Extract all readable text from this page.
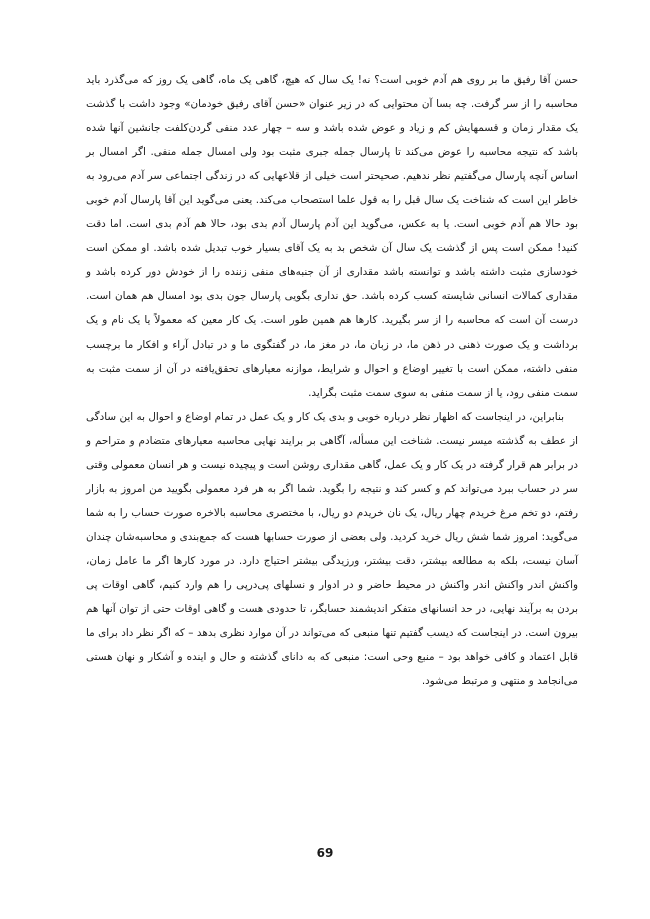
حسن آقا رفیق ما بر روی هم آدم خوبی است؟ نه! یک سال که هیچ، گاهی یک ماه، گاهی یک روز که می‌گذرد باید محاسبه را از سر گرفت. چه بسا آن محتوایی که در زیر عنوان «حسن آقای رفیق خودمان» وجود داشت با گذشت یک مقدار زمان و قسمهایش کم و زیاد و عوض شده باشد و سه – چهار عدد منفی گردن‌کلفت جانشین آنها شده باشد که نتیجه محاسبه را عوض می‌کند تا پارسال جمله جبری مثبت بود ولی امسال جمله منفی. اگر امسال بر اساس آنچه پارسال می‌گفتیم نظر ندهیم. صحیحتر است خیلی از قلاعهایی که در زندگی اجتماعی سر آدم می‌رود به خاطر این است که شناخت یک سال قبل را به قول علما استصحاب می‌کند. یعنی می‌گوید این آقا پارسال آدم خوبی بود حالا هم آدم خوبی است. یا به عکس، می‌گوید این آدم پارسال آدم بدی بود، حالا هم آدم بدی است. اما دقت کنید! ممکن است پس از گذشت یک سال آن شخص بد به یک آقای بسیار خوب تبدیل شده باشد. او ممکن است خودسازی مثبت داشته باشد و توانسته باشد مقداری از آن جنبه‌های منفی زننده را از خودش دور کرده باشد و مقداری کمالات انسانی شایسته کسب کرده باشد. حق نداری بگویی پارسال جون بدی بود امسال هم همان است. درست آن است که محاسبه را از سر بگیرید. کارها هم همین طور است. یک کار معین که معمولاً یا یک نام و یک برداشت و یک صورت ذهنی در ذهن ما، در زبان ما، در مغز ما، در گفتگوی ما و در تبادل آراء و افکار ما برچسب منفی داشته، ممکن است با تغییر اوضاع و احوال و شرایط، موازنه معیارهای تحقق‌یافته در آن از سمت مثبت به سمت منفی رود، یا از سمت منفی به سوی سمت مثبت بگراید.

بنابراین، در اینجاست که اظهار نظر درباره خوبی و بدی یک کار و یک عمل در تمام اوضاع و احوال به این سادگی از عطف به گذشته میسر نیست. شناخت این مسأله، آگاهی بر برایند نهایی محاسبه معیارهای متضادم و متراحم و در برابر هم قرار گرفته در یک کار و یک عمل، گاهی مقداری روشن است و پیچیده نیست و هر انسان معمولی وقتی سر در حساب ببرد می‌تواند کم و کسر کند و نتیجه را بگوید. شما اگر به هر فرد معمولی بگویید من امروز به بازار رفتم، دو تخم مرغ خریدم چهار ریال، یک نان خریدم دو ریال، با مختصری محاسبه بالاخره صورت حساب را به شما می‌گوید: امروز شما شش ریال خرید کردید. ولی بعضی از صورت حسابها هست که جمع‌بندی و محاسبه‌شان چندان آسان نیست، بلکه به مطالعه بیشتر، دقت بیشتر، ورزیدگی بیشتر احتیاج دارد. در مورد کارها اگر ما عامل زمان، واکنش اندر واکنش اندر واکنش در محیط حاضر و در ادوار و نسلهای پی‌درپی را هم وارد کنیم، گاهی اوقات پی بردن به برآیند نهایی، در حد انسانهای متفکر اندیشمند حسابگر، تا حدودی هست و گاهی اوقات حتی از توان آنها هم بیرون است. در اینجاست که دیسب گفتیم تنها منبعی که می‌تواند در آن موارد نظری بدهد – که اگر نظر داد برای ما قابل اعتماد و کافی خواهد بود – منبع وحی است: منبعی که به دانای گذشته و حال و اینده و آشکار و نهان هستی می‌انجامد و منتهی و مرتبط می‌شود.

69
